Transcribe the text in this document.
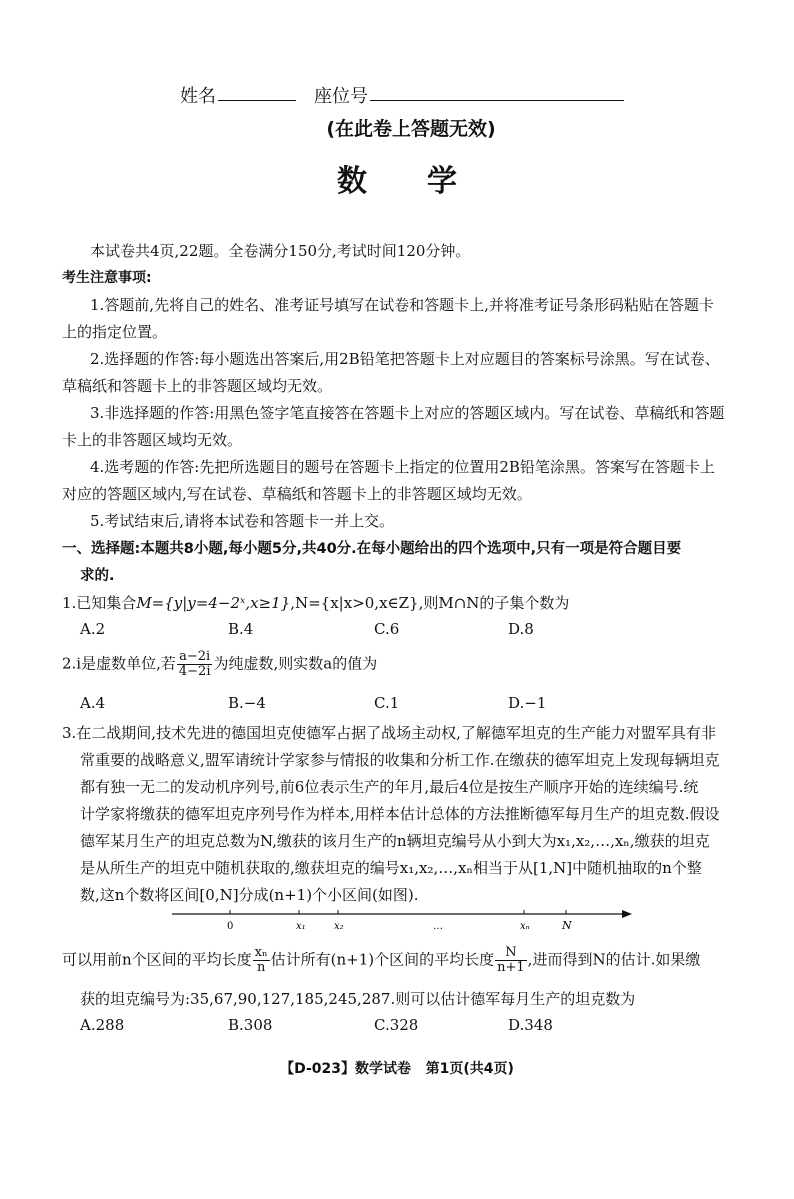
姓名	座位号
(在此卷上答题无效)
数　　学
本试卷共4页,22题。全卷满分150分,考试时间120分钟。
考生注意事项:
1.答题前,先将自己的姓名、准考证号填写在试卷和答题卡上,并将准考证号条形码粘贴在答题卡
上的指定位置。
2.选择题的作答:每小题选出答案后,用2B铅笔把答题卡上对应题目的答案标号涂黑。写在试卷、
草稿纸和答题卡上的非答题区域均无效。
3.非选择题的作答:用黑色签字笔直接答在答题卡上对应的答题区域内。写在试卷、草稿纸和答题
卡上的非答题区域均无效。
4.选考题的作答:先把所选题目的题号在答题卡上指定的位置用2B铅笔涂黑。答案写在答题卡上
对应的答题区域内,写在试卷、草稿纸和答题卡上的非答题区域均无效。
5.考试结束后,请将本试卷和答题卡一并上交。
一、选择题:本题共8小题,每小题5分,共40分.在每小题给出的四个选项中,只有一项是符合题目要
求的.
1.已知集合M={y|y=4−2ˣ,x≥1},N={x|x>0,x∈Z},则M∩N的子集个数为
A.2	B.4	C.6	D.8
2.i是虚数单位,若 $\frac{a-2i}{4-2i}$ 为纯虚数,则实数a的值为
A.4	B.−4	C.1	D.−1
3.在二战期间,技术先进的德国坦克使德军占据了战场主动权,了解德军坦克的生产能力对盟军具有非
常重要的战略意义,盟军请统计学家参与情报的收集和分析工作.在缴获的德军坦克上发现每辆坦克
都有独一无二的发动机序列号,前6位表示生产的年月,最后4位是按生产顺序开始的连续编号.统
计学家将缴获的德军坦克序列号作为样本,用样本估计总体的方法推断德军每月生产的坦克数.假设
德军某月生产的坦克总数为N,缴获的该月生产的n辆坦克编号从小到大为x₁,x₂,…,xₙ,缴获的坦克
是从所生产的坦克中随机获取的,缴获坦克的编号x₁,x₂,…,xₙ相当于从[1,N]中随机抽取的n个整
数,这n个数将区间[0,N]分成(n+1)个小区间(如图).
0	x₁	x₂	…	xₙ	N
可以用前n个区间的平均长度 $\frac{\text{xₙ}}{n}$ 估计所有(n+1)个区间的平均长度 $\frac{N}{n+1}$ ,进而得到N的估计.如果缴
获的坦克编号为:35,67,90,127,185,245,287.则可以估计德军每月生产的坦克数为
A.288	B.308	C.328	D.348
【D-023】数学试卷 第1页(共4页)
